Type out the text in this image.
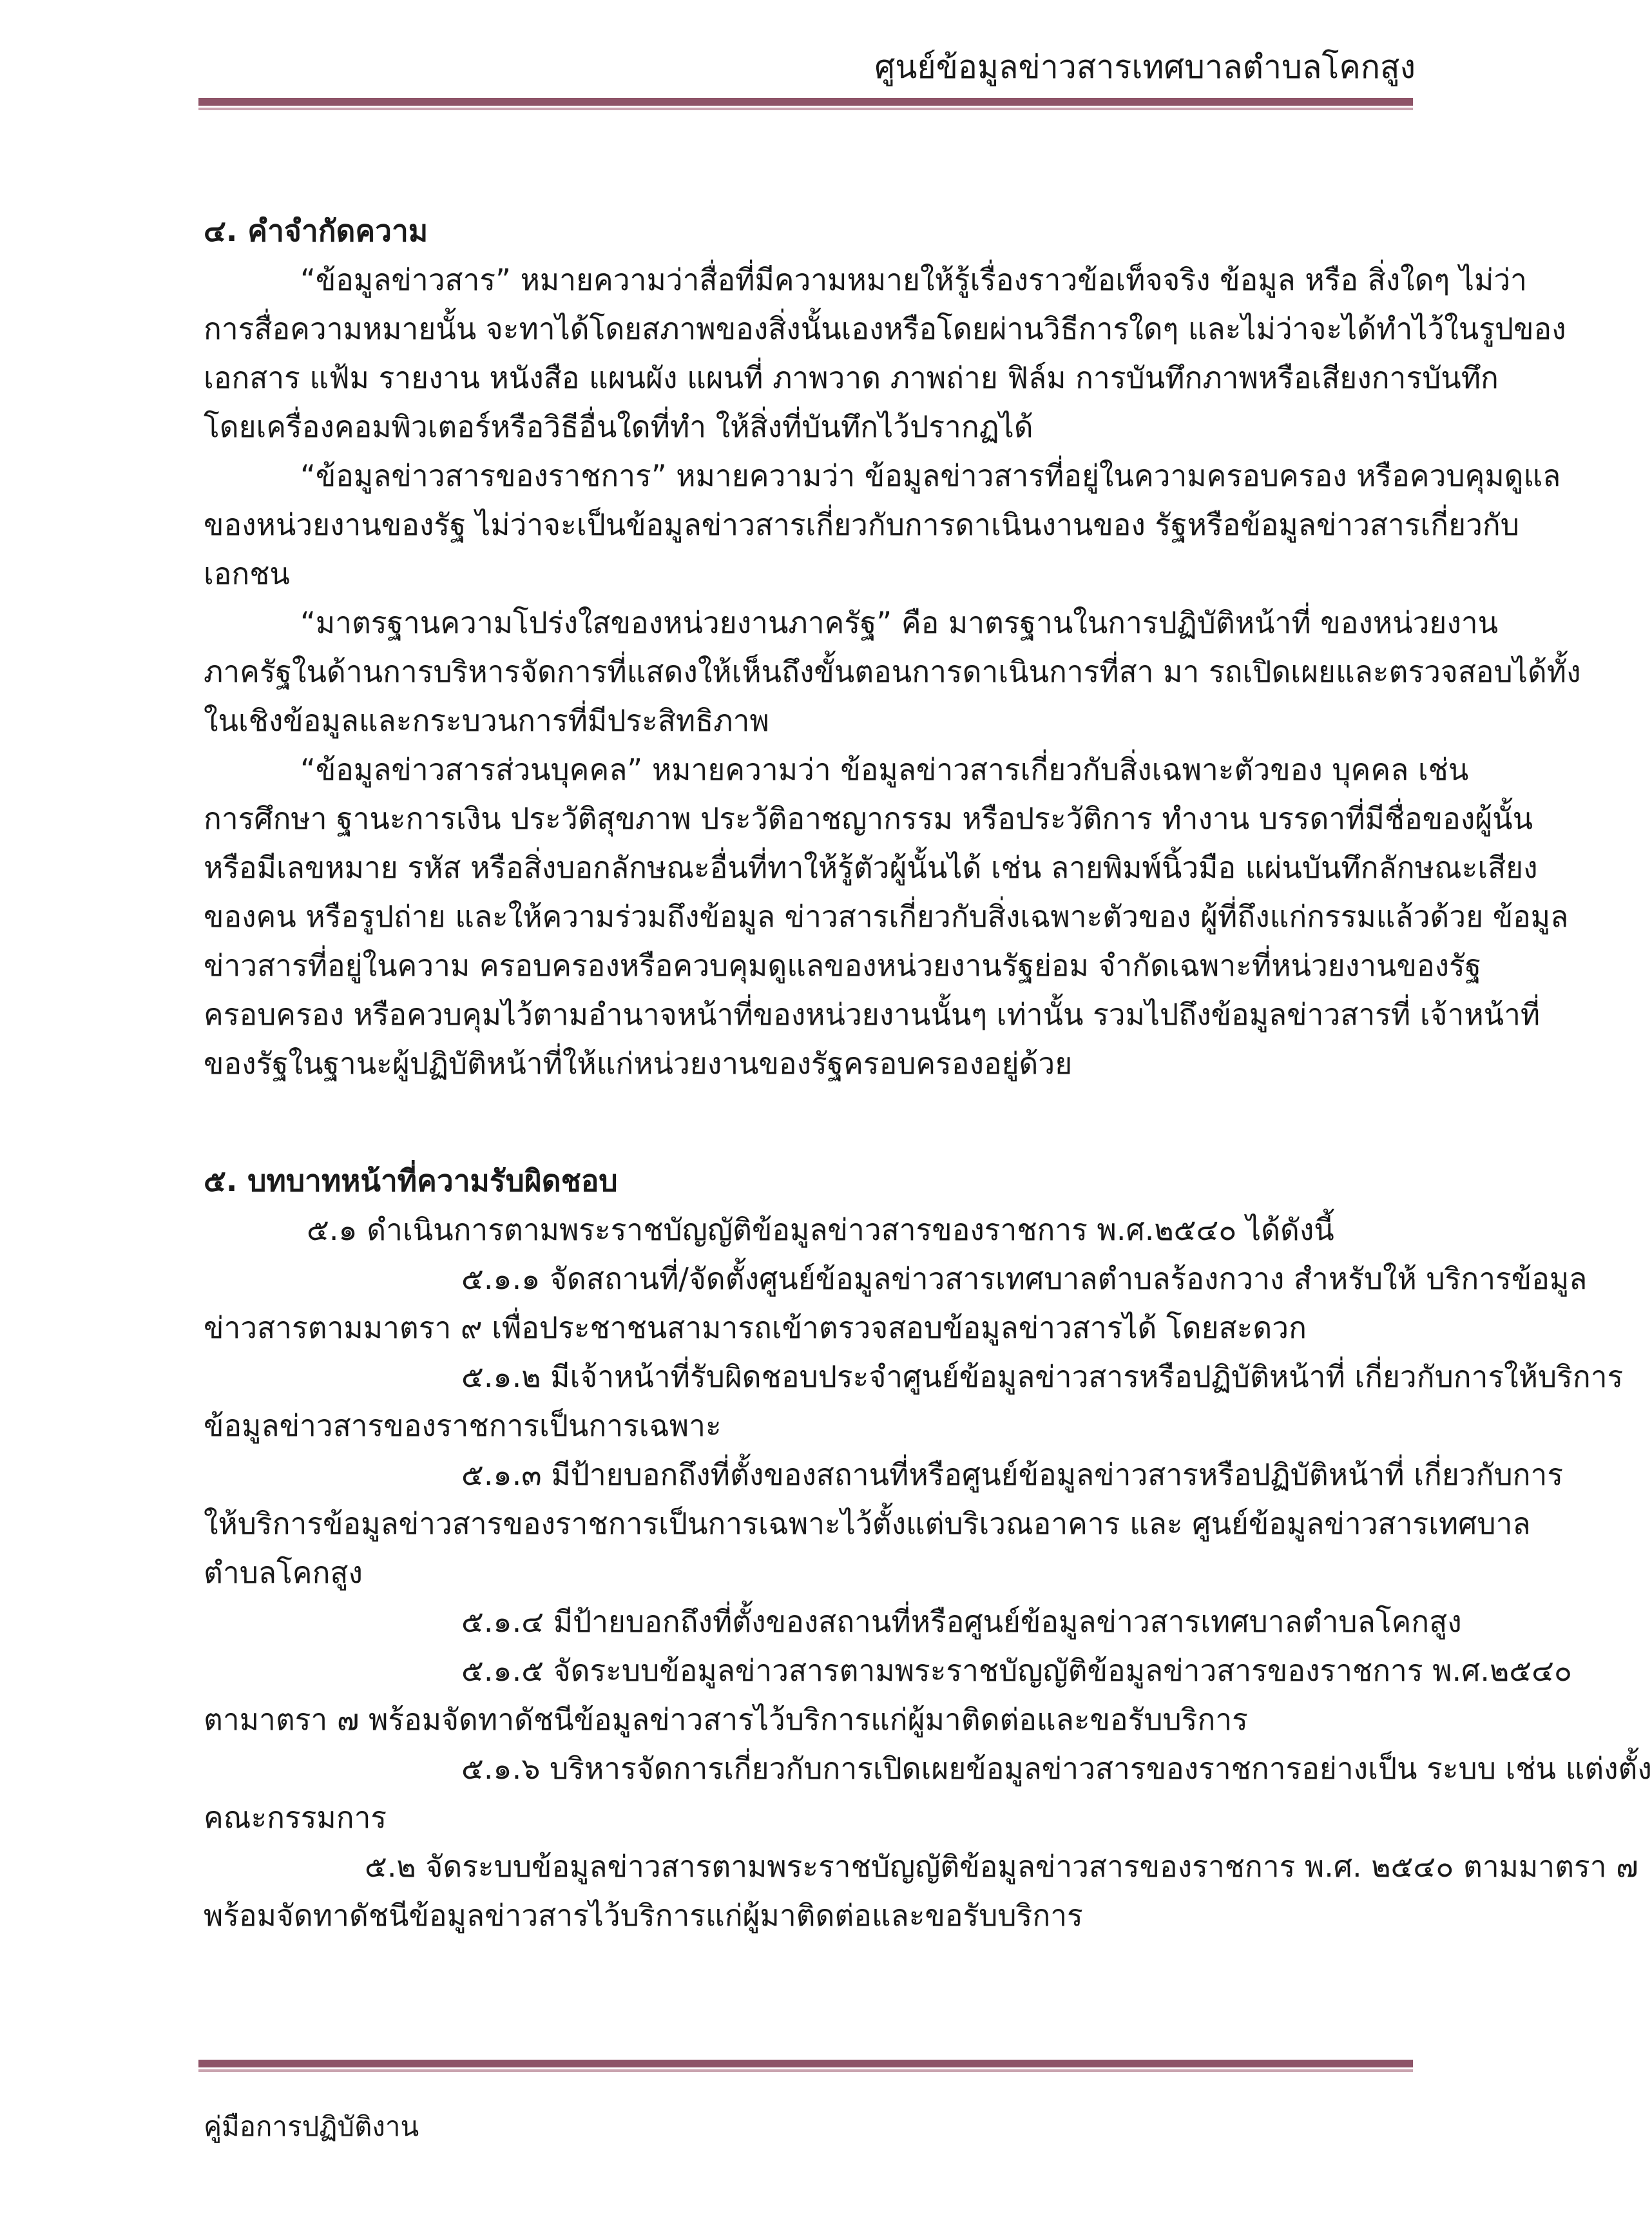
ศูนย์ข้อมูลข่าวสารเทศบาลตำบลโคกสูง
๔. คำจำกัดความ
“ข้อมูลข่าวสาร” หมายความว่าสื่อที่มีความหมายให้รู้เรื่องราวข้อเท็จจริง ข้อมูล หรือ สิ่งใดๆ ไม่ว่า
การสื่อความหมายนั้น จะทาได้โดยสภาพของสิ่งนั้นเองหรือโดยผ่านวิธีการใดๆ และไม่ว่าจะได้ทำไว้ในรูปของ
เอกสาร แฟ้ม รายงาน หนังสือ แผนผัง แผนที่ ภาพวาด ภาพถ่าย ฟิล์ม การบันทึกภาพหรือเสียงการบันทึก
โดยเครื่องคอมพิวเตอร์หรือวิธีอื่นใดที่ทำ ให้สิ่งที่บันทึกไว้ปรากฏได้
“ข้อมูลข่าวสารของราชการ” หมายความว่า ข้อมูลข่าวสารที่อยู่ในความครอบครอง หรือควบคุมดูแล
ของหน่วยงานของรัฐ ไม่ว่าจะเป็นข้อมูลข่าวสารเกี่ยวกับการดาเนินงานของ รัฐหรือข้อมูลข่าวสารเกี่ยวกับ
เอกชน
“มาตรฐานความโปร่งใสของหน่วยงานภาครัฐ” คือ มาตรฐานในการปฏิบัติหน้าที่ ของหน่วยงาน
ภาครัฐในด้านการบริหารจัดการที่แสดงให้เห็นถึงขั้นตอนการดาเนินการที่สา มา รถเปิดเผยและตรวจสอบได้ทั้ง
ในเชิงข้อมูลและกระบวนการที่มีประสิทธิภาพ
“ข้อมูลข่าวสารส่วนบุคคล” หมายความว่า ข้อมูลข่าวสารเกี่ยวกับสิ่งเฉพาะตัวของ บุคคล เช่น
การศึกษา ฐานะการเงิน ประวัติสุขภาพ ประวัติอาชญากรรม หรือประวัติการ ทำงาน บรรดาที่มีชื่อของผู้นั้น
หรือมีเลขหมาย รหัส หรือสิ่งบอกลักษณะอื่นที่ทาให้รู้ตัวผู้นั้นได้ เช่น ลายพิมพ์นิ้วมือ แผ่นบันทึกลักษณะเสียง
ของคน หรือรูปถ่าย และให้ความร่วมถึงข้อมูล ข่าวสารเกี่ยวกับสิ่งเฉพาะตัวของ ผู้ที่ถึงแก่กรรมแล้วด้วย ข้อมูล
ข่าวสารที่อยู่ในความ ครอบครองหรือควบคุมดูแลของหน่วยงานรัฐย่อม จำกัดเฉพาะที่หน่วยงานของรัฐ
ครอบครอง หรือควบคุมไว้ตามอำนาจหน้าที่ของหน่วยงานนั้นๆ เท่านั้น รวมไปถึงข้อมูลข่าวสารที่ เจ้าหน้าที่
ของรัฐในฐานะผู้ปฏิบัติหน้าที่ให้แก่หน่วยงานของรัฐครอบครองอยู่ด้วย
๕. บทบาทหน้าที่ความรับผิดชอบ
๕.๑ ดำเนินการตามพระราชบัญญัติข้อมูลข่าวสารของราชการ พ.ศ.๒๕๔๐ ได้ดังนี้
๕.๑.๑ จัดสถานที่/จัดตั้งศูนย์ข้อมูลข่าวสารเทศบาลตำบลร้องกวาง สำหรับให้ บริการข้อมูล
ข่าวสารตามมาตรา ๙ เพื่อประชาชนสามารถเข้าตรวจสอบข้อมูลข่าวสารได้ โดยสะดวก
๕.๑.๒ มีเจ้าหน้าที่รับผิดชอบประจำศูนย์ข้อมูลข่าวสารหรือปฏิบัติหน้าที่ เกี่ยวกับการให้บริการ
ข้อมูลข่าวสารของราชการเป็นการเฉพาะ
๕.๑.๓ มีป้ายบอกถึงที่ตั้งของสถานที่หรือศูนย์ข้อมูลข่าวสารหรือปฏิบัติหน้าที่ เกี่ยวกับการ
ให้บริการข้อมูลข่าวสารของราชการเป็นการเฉพาะไว้ตั้งแต่บริเวณอาคาร และ ศูนย์ข้อมูลข่าวสารเทศบาล
ตำบลโคกสูง
๕.๑.๔ มีป้ายบอกถึงที่ตั้งของสถานที่หรือศูนย์ข้อมูลข่าวสารเทศบาลตำบลโคกสูง
๕.๑.๕ จัดระบบข้อมูลข่าวสารตามพระราชบัญญัติข้อมูลข่าวสารของราชการ พ.ศ.๒๕๔๐
ตามาตรา ๗ พร้อมจัดทาดัชนีข้อมูลข่าวสารไว้บริการแก่ผู้มาติดต่อและขอรับบริการ
๕.๑.๖ บริหารจัดการเกี่ยวกับการเปิดเผยข้อมูลข่าวสารของราชการอย่างเป็น ระบบ เช่น แต่งตั้ง
คณะกรรมการ
๕.๒ จัดระบบข้อมูลข่าวสารตามพระราชบัญญัติข้อมูลข่าวสารของราชการ พ.ศ. ๒๕๔๐ ตามมาตรา ๗
พร้อมจัดทาดัชนีข้อมูลข่าวสารไว้บริการแก่ผู้มาติดต่อและขอรับบริการ
คู่มือการปฏิบัติงาน
